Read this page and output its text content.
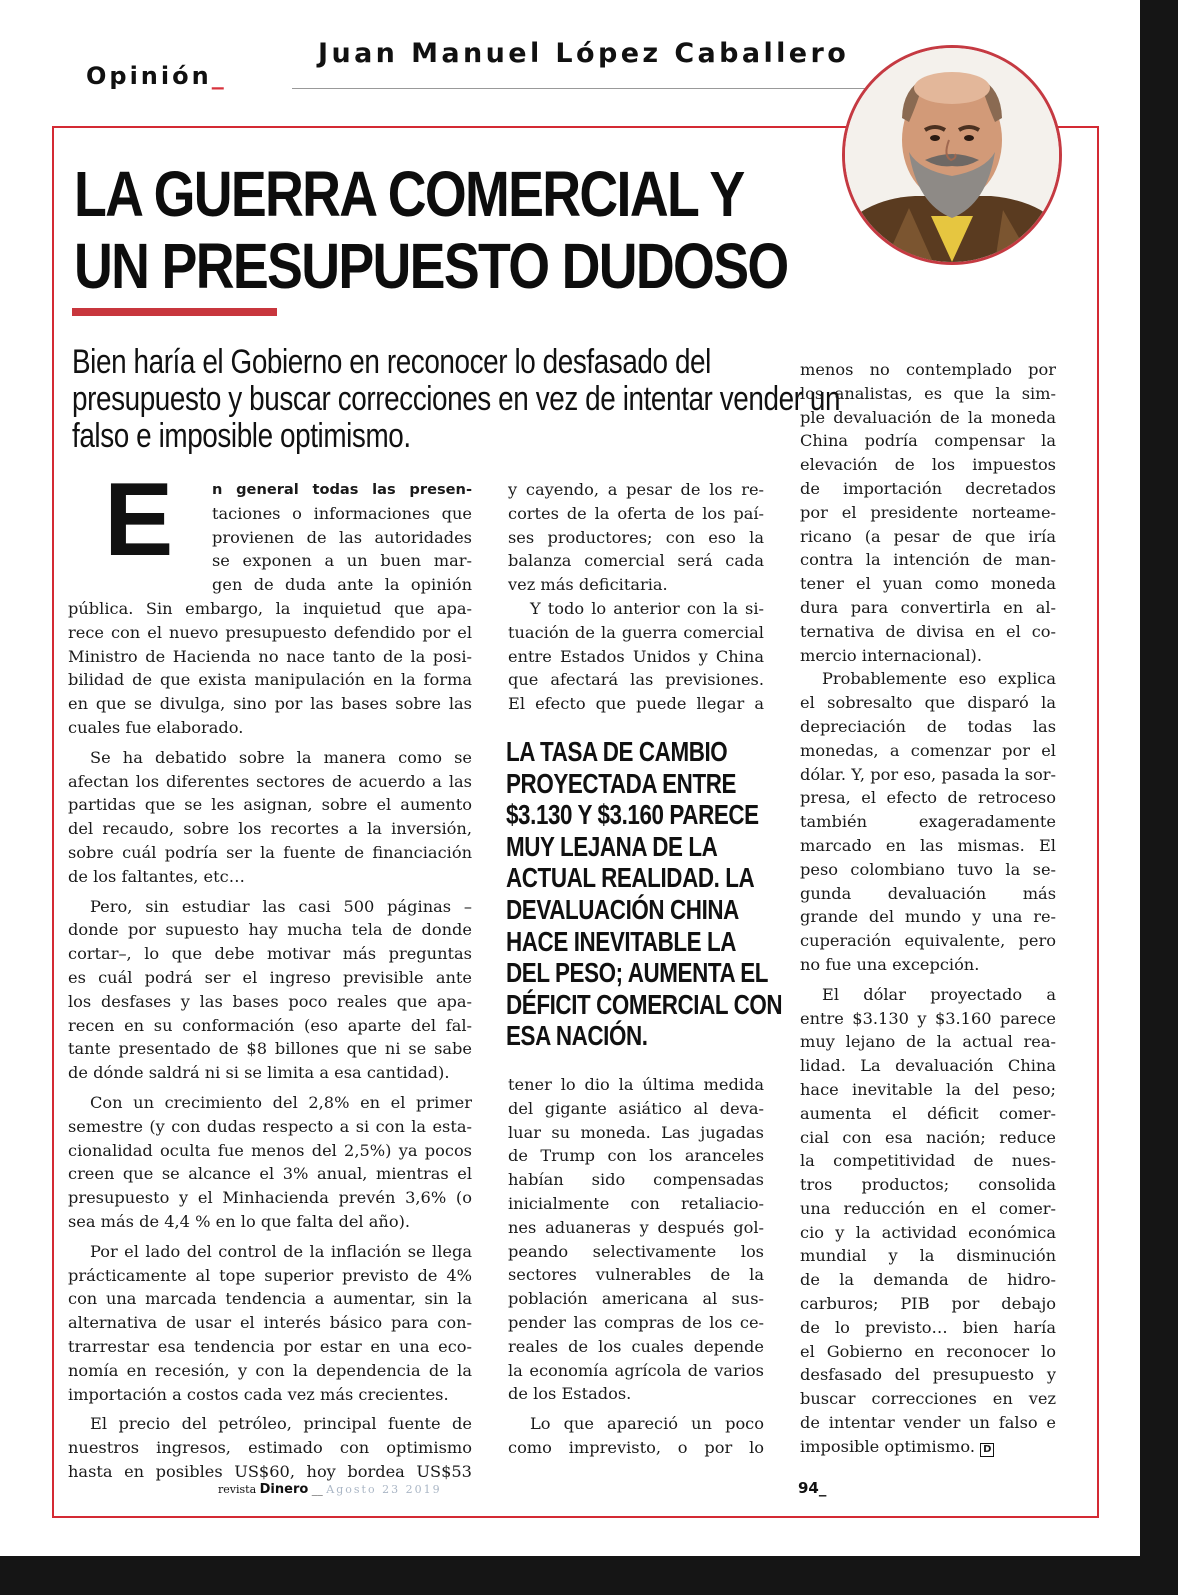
Opinión_
Juan Manuel López Caballero
LA GUERRA COMERCIAL Y
UN PRESUPUESTO DUDOSO

Bien haría el Gobierno en reconocer lo desfasado del
presupuesto y buscar correcciones en vez de intentar vender un
falso e imposible optimismo.

E	n general todas las presen-
taciones o informaciones que
provienen de las autoridades
se exponen a un buen mar-
gen de duda ante la opinión
pública. Sin embargo, la inquietud que apa-
rece con el nuevo presupuesto defendido por el
Ministro de Hacienda no nace tanto de la posi-
bilidad de que exista manipulación en la forma
en que se divulga, sino por las bases sobre las
cuales fue elaborado.
Se ha debatido sobre la manera como se
afectan los diferentes sectores de acuerdo a las
partidas que se les asignan, sobre el aumento
del recaudo, sobre los recortes a la inversión,
sobre cuál podría ser la fuente de financiación
de los faltantes, etc…
Pero, sin estudiar las casi 500 páginas –
donde por supuesto hay mucha tela de donde
cortar–, lo que debe motivar más preguntas
es cuál podrá ser el ingreso previsible ante
los desfases y las bases poco reales que apa-
recen en su conformación (eso aparte del fal-
tante presentado de $8 billones que ni se sabe
de dónde saldrá ni si se limita a esa cantidad).
Con un crecimiento del 2,8% en el primer
semestre (y con dudas respecto a si con la esta-
cionalidad oculta fue menos del 2,5%) ya pocos
creen que se alcance el 3% anual, mientras el
presupuesto y el Minhacienda prevén 3,6% (o
sea más de 4,4 % en lo que falta del año).
Por el lado del control de la inflación se llega
prácticamente al tope superior previsto de 4%
con una marcada tendencia a aumentar, sin la
alternativa de usar el interés básico para con-
trarrestar esa tendencia por estar en una eco-
nomía en recesión, y con la dependencia de la
importación a costos cada vez más crecientes.
El precio del petróleo, principal fuente de
nuestros ingresos, estimado con optimismo
hasta en posibles US$60, hoy bordea US$53
y cayendo, a pesar de los re-
cortes de la oferta de los paí-
ses productores; con eso la
balanza comercial será cada
vez más deficitaria.
Y todo lo anterior con la si-
tuación de la guerra comercial
entre Estados Unidos y China
que afectará las previsiones.
El efecto que puede llegar a

LA TASA DE CAMBIO
PROYECTADA ENTRE
$3.130 Y $3.160 PARECE
MUY LEJANA DE LA
ACTUAL REALIDAD. LA
DEVALUACIÓN CHINA
HACE INEVITABLE LA
DEL PESO; AUMENTA EL
DÉFICIT COMERCIAL CON
ESA NACIÓN.

tener lo dio la última medida
del gigante asiático al deva-
luar su moneda. Las jugadas
de Trump con los aranceles
habían sido compensadas
inicialmente con retaliacio-
nes aduaneras y después gol-
peando selectivamente los
sectores vulnerables de la
población americana al sus-
pender las compras de los ce-
reales de los cuales depende
la economía agrícola de varios
de los Estados.
Lo que apareció un poco
como imprevisto, o por lo
menos no contemplado por
los analistas, es que la sim-
ple devaluación de la moneda
China podría compensar la
elevación de los impuestos
de importación decretados
por el presidente norteame-
ricano (a pesar de que iría
contra la intención de man-
tener el yuan como moneda
dura para convertirla en al-
ternativa de divisa en el co-
mercio internacional).
Probablemente eso explica
el sobresalto que disparó la
depreciación de todas las
monedas, a comenzar por el
dólar. Y, por eso, pasada la sor-
presa, el efecto de retroceso
también exageradamente
marcado en las mismas. El
peso colombiano tuvo la se-
gunda devaluación más
grande del mundo y una re-
cuperación equivalente, pero
no fue una excepción.
El dólar proyectado a
entre $3.130 y $3.160 parece
muy lejano de la actual rea-
lidad. La devaluación China
hace inevitable la del peso;
aumenta el déficit comer-
cial con esa nación; reduce
la competitividad de nues-
tros productos; consolida
una reducción en el comer-
cio y la actividad económica
mundial y la disminución
de la demanda de hidro-
carburos; PIB por debajo
de lo previsto… bien haría
el Gobierno en reconocer lo
desfasado del presupuesto y
buscar correcciones en vez
de intentar vender un falso e
imposible optimismo. D
revista Dinero __ Agosto 23 2019	94_
